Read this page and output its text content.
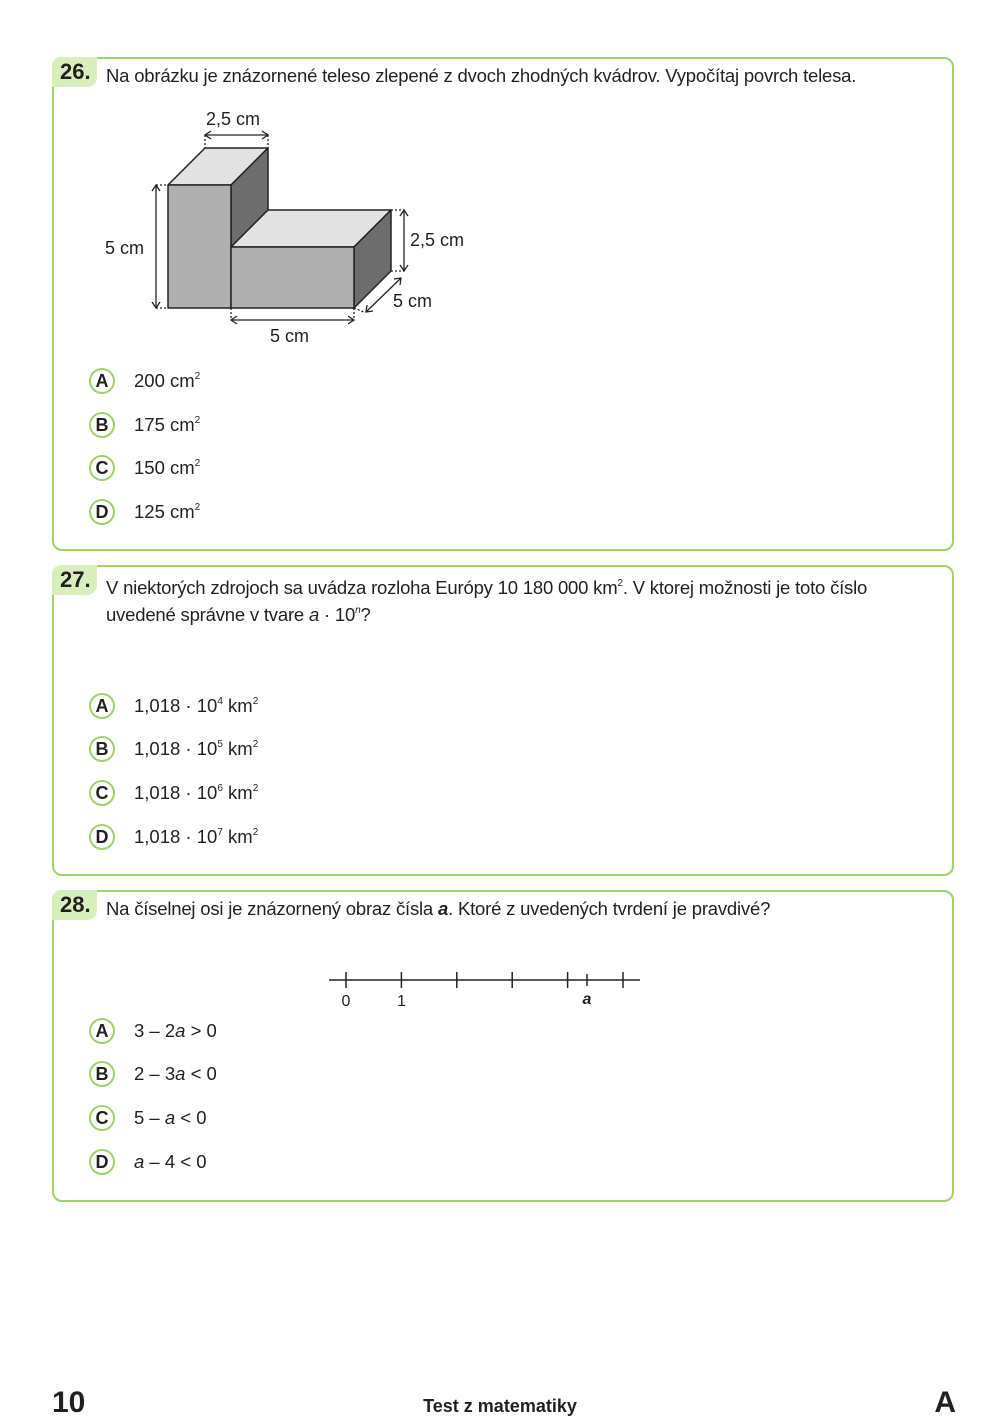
26. Na obrázku je znázornené teleso zlepené z dvoch zhodných kvádrov. Vypočítaj povrch telesa.
2,5 cm
5 cm	2,5 cm
5 cm
5 cm
A	200 $cm^2$
B	175 $cm^2$
C	150 $cm^2$
D	125 $cm^2$
27. V niektorých zdrojoch sa uvádza rozloha Európy 10 180 000 $km^2$. V ktorej možnosti je toto číslo
uvedené správne v tvare $a \cdot 10^n$?
A	$1,018 \cdot 10^4$ $km^2$
B	$1,018 \cdot 10^5$ $km^2$
C	$1,018 \cdot 10^6$ $km^2$
D	$1,018 \cdot 10^7$ $km^2$
28. Na číselnej osi je znázornený obraz čísla a. Ktoré z uvedených tvrdení je pravdivé?
0	1	a
A	3 – 2a > 0
B	2 – 3a < 0
C	5 – a < 0
D	a – 4 < 0
10	Test z matematiky	A
